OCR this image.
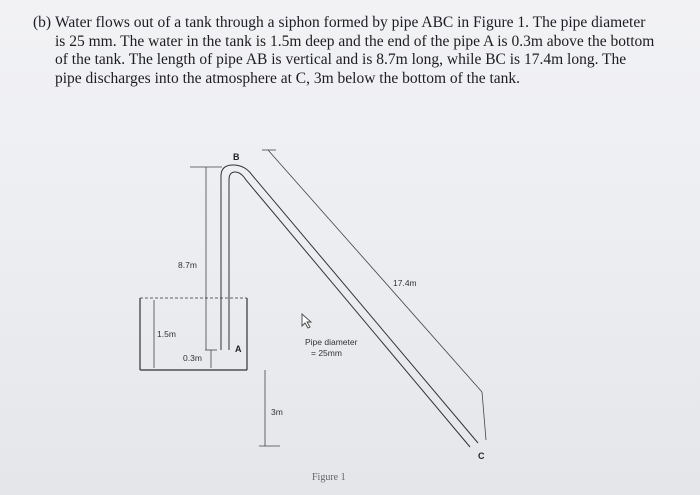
(b) Water flows out of a tank through a siphon formed by pipe ABC in Figure 1. The pipe diameter is 25 mm. The water in the tank is 1.5m deep and the end of the pipe A is 0.3m above the bottom of the tank. The length of pipe AB is vertical and is 8.7m long, while BC is 17.4m long. The pipe discharges into the atmosphere at C, 3m below the bottom of the tank.

B
A
C
8.7m
17.4m
1.5m
0.3m
3m
Pipe diameter
= 25mm
Figure 1
